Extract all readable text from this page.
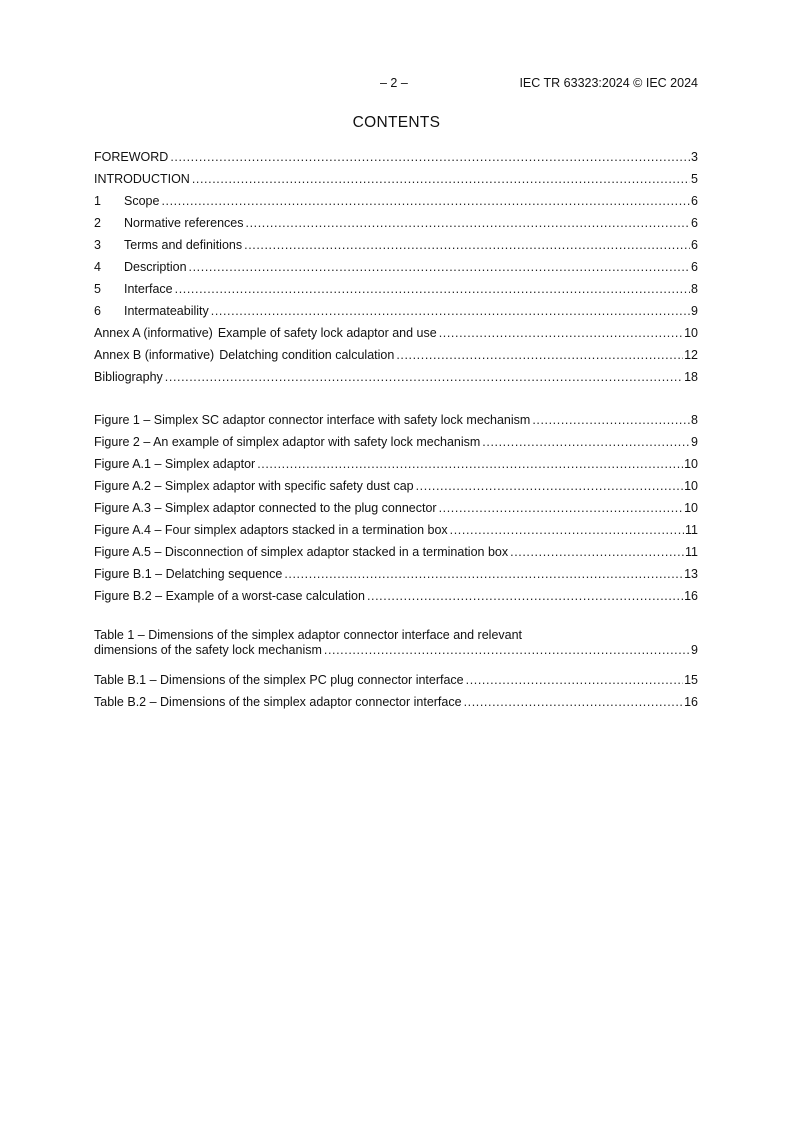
– 2 –	IEC TR 63323:2024 © IEC 2024
CONTENTS
FOREWORD .....	3
INTRODUCTION .....	5
1	Scope .....	6
2	Normative references .....	6
3	Terms and definitions .....	6
4	Description .....	6
5	Interface .....	8
6	Intermateability .....	9
Annex A (informative) Example of safety lock adaptor and use .....	10
Annex B (informative) Delatching condition calculation .....	12
Bibliography .....	18
Figure 1 – Simplex SC adaptor connector interface with safety lock mechanism .....	8
Figure 2 – An example of simplex adaptor with safety lock mechanism .....	9
Figure A.1 – Simplex adaptor .....	10
Figure A.2 – Simplex adaptor with specific safety dust cap .....	10
Figure A.3 – Simplex adaptor connected to the plug connector .....	10
Figure A.4 – Four simplex adaptors stacked in a termination box .....	11
Figure A.5 – Disconnection of simplex adaptor stacked in a termination box .....	11
Figure B.1 – Delatching sequence .....	13
Figure B.2 – Example of a worst-case calculation .....	16
Table 1 – Dimensions of the simplex adaptor connector interface and relevant
dimensions of the safety lock mechanism .....	9
Table B.1 – Dimensions of the simplex PC plug connector interface .....	15
Table B.2 – Dimensions of the simplex adaptor connector interface .....	16
